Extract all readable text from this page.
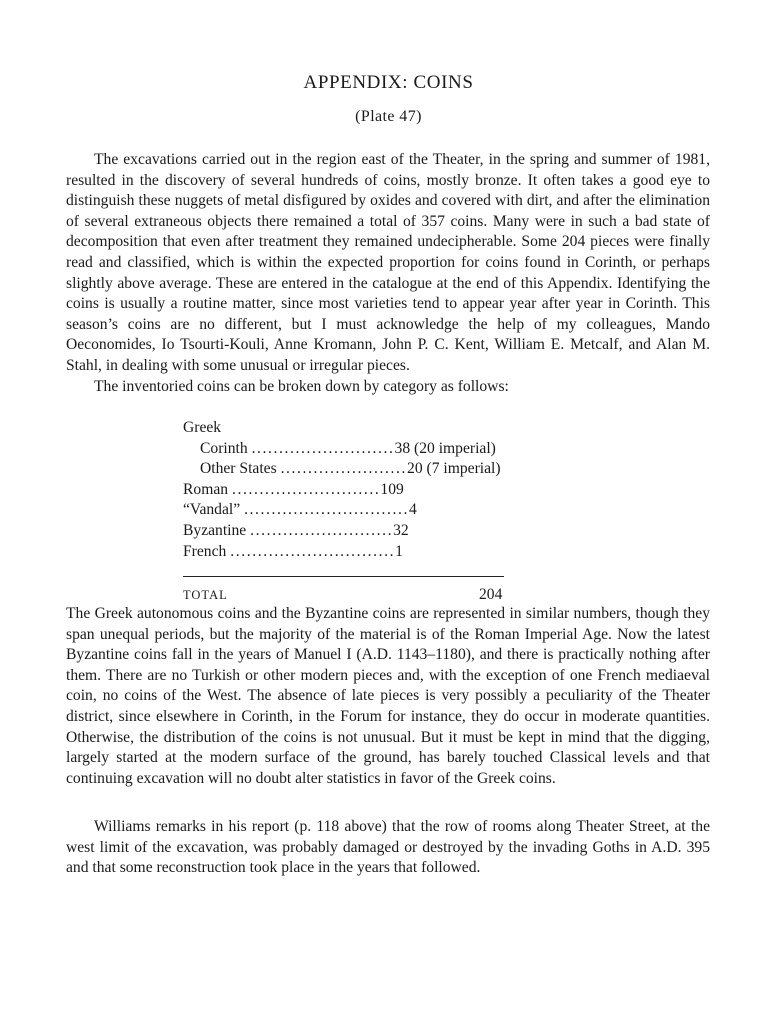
APPENDIX: COINS
(Plate 47)

The excavations carried out in the region east of the Theater, in the spring and summer of 1981, resulted in the discovery of several hundreds of coins, mostly bronze. It often takes a good eye to distinguish these nuggets of metal disfigured by oxides and covered with dirt, and after the elimination of several extraneous objects there remained a total of 357 coins. Many were in such a bad state of decomposition that even after treatment they remained undecipherable. Some 204 pieces were finally read and classified, which is within the expected proportion for coins found in Corinth, or perhaps slightly above average. These are entered in the catalogue at the end of this Appendix. Identifying the coins is usually a routine matter, since most varieties tend to appear year after year in Corinth. This season’s coins are no different, but I must acknowledge the help of my colleagues, Mando Oeconomides, Io Tsourti-Kouli, Anne Kromann, John P. C. Kent, William E. Metcalf, and Alan M. Stahl, in dealing with some unusual or irregular pieces.

The inventoried coins can be broken down by category as follows:

Greek
Corinth ..........................38 (20 imperial)
Other States .......................20 (7 imperial)
Roman ...........................109
“Vandal” ..............................4
Byzantine ..........................32
French ..............................1
TOTAL	204

The Greek autonomous coins and the Byzantine coins are represented in similar numbers, though they span unequal periods, but the majority of the material is of the Roman Imperial Age. Now the latest Byzantine coins fall in the years of Manuel I (A.D. 1143–1180), and there is practically nothing after them. There are no Turkish or other modern pieces and, with the exception of one French mediaeval coin, no coins of the West. The absence of late pieces is very possibly a peculiarity of the Theater district, since elsewhere in Corinth, in the Forum for instance, they do occur in moderate quantities. Otherwise, the distribution of the coins is not unusual. But it must be kept in mind that the digging, largely started at the modern surface of the ground, has barely touched Classical levels and that continuing excavation will no doubt alter statistics in favor of the Greek coins.

Williams remarks in his report (p. 118 above) that the row of rooms along Theater Street, at the west limit of the excavation, was probably damaged or destroyed by the invading Goths in A.D. 395 and that some reconstruction took place in the years that followed.
